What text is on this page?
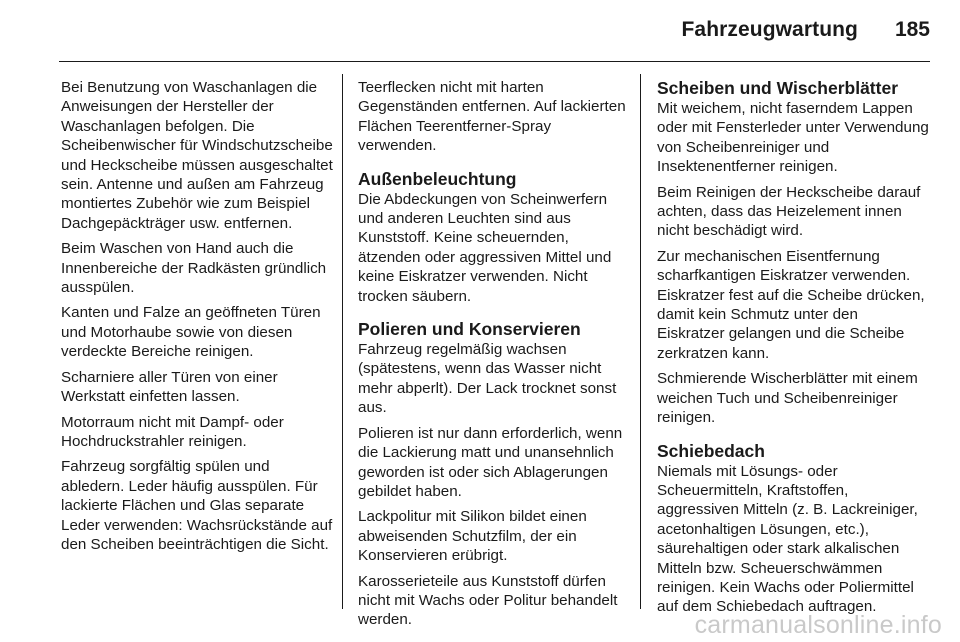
Fahrzeugwartung 185

Bei Benutzung von Waschanlagen die Anweisungen der Hersteller der Waschanlagen befolgen. Die Scheibenwischer für Windschutzscheibe und Heckscheibe müssen ausgeschaltet sein. Antenne und außen am Fahrzeug montiertes Zubehör wie zum Beispiel Dachgepäckträger usw. entfernen.

Beim Waschen von Hand auch die Innenbereiche der Radkästen gründlich ausspülen.

Kanten und Falze an geöffneten Türen und Motorhaube sowie von diesen verdeckte Bereiche reinigen.

Scharniere aller Türen von einer Werkstatt einfetten lassen.

Motorraum nicht mit Dampf- oder Hochdruckstrahler reinigen.

Fahrzeug sorgfältig spülen und abledern. Leder häufig ausspülen. Für lackierte Flächen und Glas separate Leder verwenden: Wachsrückstände auf den Scheiben beeinträchtigen die Sicht.

Teerflecken nicht mit harten Gegenständen entfernen. Auf lackierten Flächen Teerentferner-Spray verwenden.

Außenbeleuchtung

Die Abdeckungen von Scheinwerfern und anderen Leuchten sind aus Kunststoff. Keine scheuernden, ätzenden oder aggressiven Mittel und keine Eiskratzer verwenden. Nicht trocken säubern.

Polieren und Konservieren

Fahrzeug regelmäßig wachsen (spätestens, wenn das Wasser nicht mehr abperlt). Der Lack trocknet sonst aus.

Polieren ist nur dann erforderlich, wenn die Lackierung matt und unansehnlich geworden ist oder sich Ablagerungen gebildet haben.

Lackpolitur mit Silikon bildet einen abweisenden Schutzfilm, der ein Konservieren erübrigt.

Karosserieteile aus Kunststoff dürfen nicht mit Wachs oder Politur behandelt werden.

Scheiben und Wischerblätter

Mit weichem, nicht faserndem Lappen oder mit Fensterleder unter Verwendung von Scheibenreiniger und Insektenentferner reinigen.

Beim Reinigen der Heckscheibe darauf achten, dass das Heizelement innen nicht beschädigt wird.

Zur mechanischen Eisentfernung scharfkantigen Eiskratzer verwenden. Eiskratzer fest auf die Scheibe drücken, damit kein Schmutz unter den Eiskratzer gelangen und die Scheibe zerkratzen kann.

Schmierende Wischerblätter mit einem weichen Tuch und Scheibenreiniger reinigen.

Schiebedach

Niemals mit Lösungs- oder Scheuermitteln, Kraftstoffen, aggressiven Mitteln (z. B. Lackreiniger, acetonhaltigen Lösungen, etc.), säurehaltigen oder stark alkalischen Mitteln bzw. Scheuerschwämmen reinigen. Kein Wachs oder Poliermittel auf dem Schiebedach auftragen.

carmanualsonline.info
